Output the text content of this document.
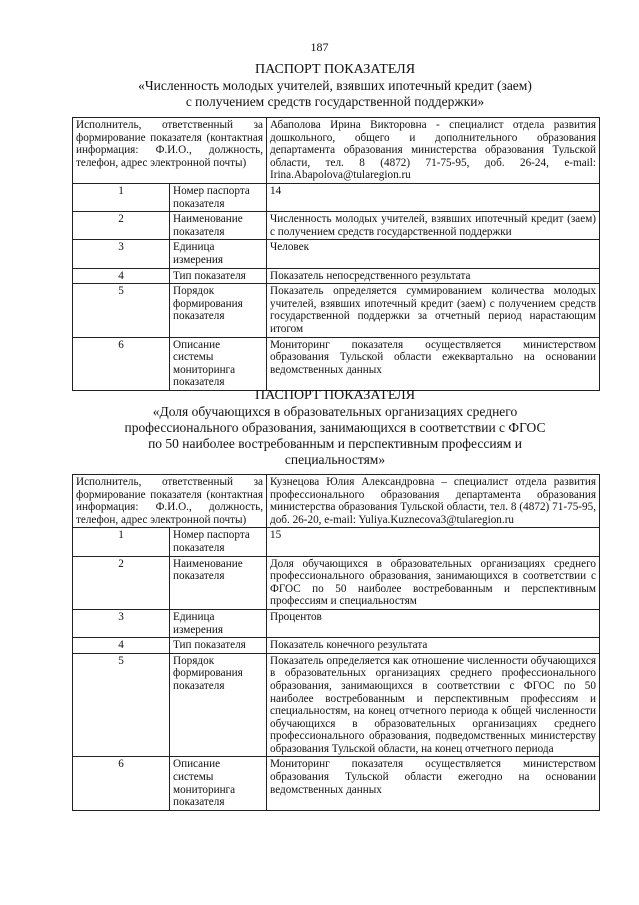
187
ПАСПОРТ ПОКАЗАТЕЛЯ
«Численность молодых учителей, взявших ипотечный кредит (заем)
с получением средств государственной поддержки»
Исполнитель, ответственный за формирование показателя (контактная информация: Ф.И.О., должность, телефон, адрес электронной почты)		Абаполова Ирина Викторовна - специалист отдела развития дошкольного, общего и дополнительного образования департамента образования министерства образования Тульской области, тел. 8 (4872) 71-75-95, доб. 26-24, e-mail: Irina.Abapolova@tularegion.ru
1	Номер паспорта показателя	14
2	Наименование показателя	Численность молодых учителей, взявших ипотечный кредит (заем) с получением средств государственной поддержки
3	Единица измерения	Человек
4	Тип показателя	Показатель непосредственного результата
5	Порядок формирования показателя	Показатель определяется суммированием количества молодых учителей, взявших ипотечный кредит (заем) с получением средств государственной поддержки за отчетный период нарастающим итогом
6	Описание системы мониторинга показателя	Мониторинг показателя осуществляется министерством образования Тульской области ежеквартально на основании ведомственных данных
ПАСПОРТ ПОКАЗАТЕЛЯ
«Доля обучающихся в образовательных организациях среднего
профессионального образования, занимающихся в соответствии с ФГОС
по 50 наиболее востребованным и перспективным профессиям и
специальностям»
Исполнитель, ответственный за формирование показателя (контактная информация: Ф.И.О., должность, телефон, адрес электронной почты)		Кузнецова Юлия Александровна – специалист отдела развития профессионального образования департамента образования министерства образования Тульской области, тел. 8 (4872) 71-75-95, доб. 26-20, e-mail: Yuliya.Kuznecova3@tularegion.ru
1	Номер паспорта показателя	15
2	Наименование показателя	Доля обучающихся в образовательных организациях среднего профессионального образования, занимающихся в соответствии с ФГОС по 50 наиболее востребованным и перспективным профессиям и специальностям
3	Единица измерения	Процентов
4	Тип показателя	Показатель конечного результата
5	Порядок формирования показателя	Показатель определяется как отношение численности обучающихся в образовательных организациях среднего профессионального образования, занимающихся в соответствии с ФГОС по 50 наиболее востребованным и перспективным профессиям и специальностям, на конец отчетного периода к общей численности обучающихся в образовательных организациях среднего профессионального образования, подведомственных министерству образования Тульской области, на конец отчетного периода
6	Описание системы мониторинга показателя	Мониторинг показателя осуществляется министерством образования Тульской области ежегодно на основании ведомственных данных
